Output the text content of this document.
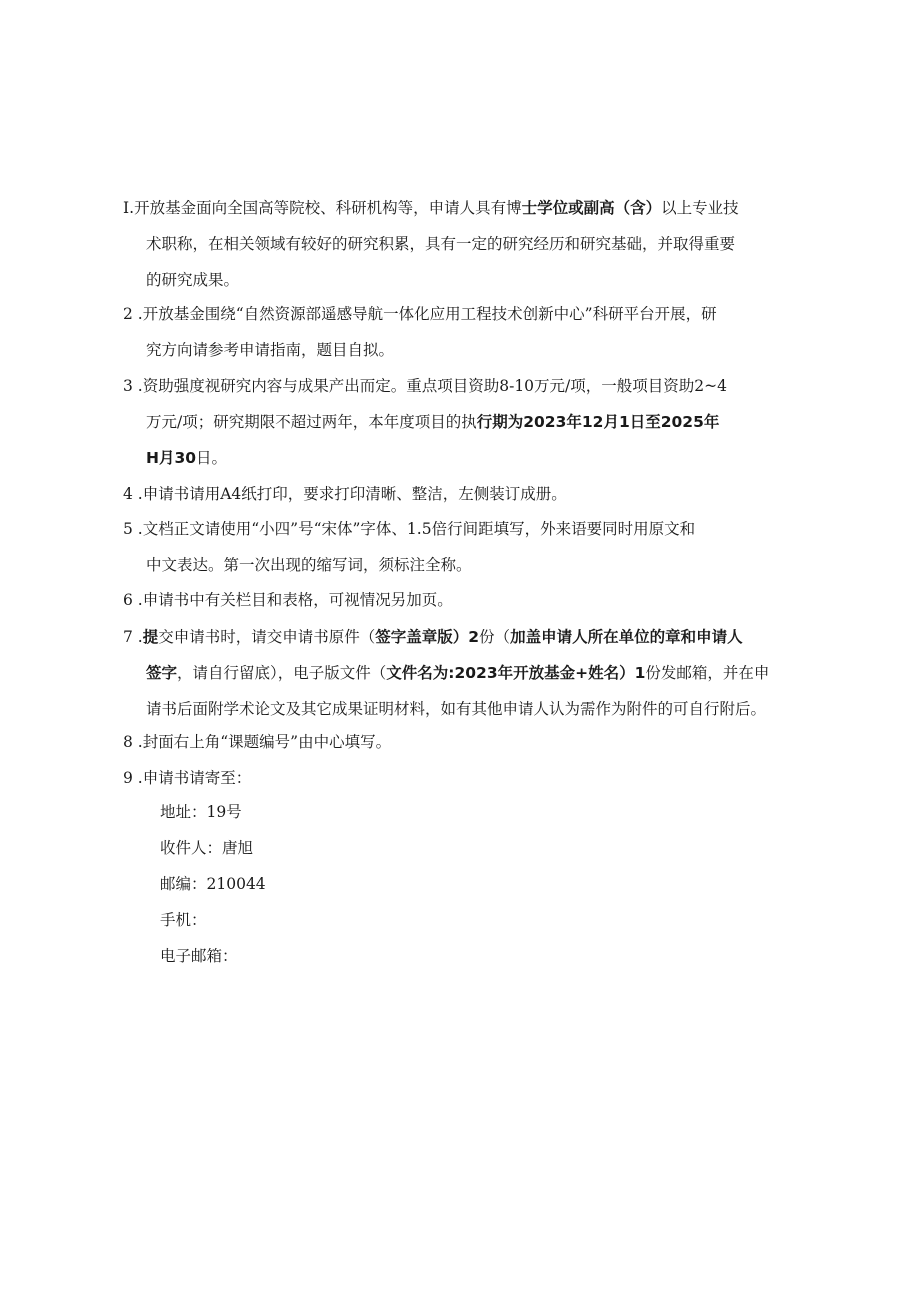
I.开放基金面向全国高等院校、科研机构等，申请人具有博士学位或副高（含）以上专业技
术职称，在相关领域有较好的研究积累，具有一定的研究经历和研究基础，并取得重要
的研究成果。
2 .开放基金围绕“自然资源部遥感导航一体化应用工程技术创新中心”科研平台开展，研
究方向请参考申请指南，题目自拟。
3 .资助强度视研究内容与成果产出而定。重点项目资助8-10万元/项，一般项目资助2~4
万元/项；研究期限不超过两年，本年度项目的执行期为2023年12月1日至2025年
H月30日。
4 .申请书请用A4纸打印，要求打印清晰、整洁，左侧装订成册。
5 .文档正文请使用“小四”号“宋体”字体、1.5倍行间距填写，外来语要同时用原文和
中文表达。第一次出现的缩写词，须标注全称。
6 .申请书中有关栏目和表格，可视情况另加页。
7 .提交申请书时，请交申请书原件（签字盖章版）2份（加盖申请人所在单位的章和申请人
签字，请自行留底），电子版文件（文件名为:2023年开放基金+姓名）1份发邮箱，并在申
请书后面附学术论文及其它成果证明材料，如有其他申请人认为需作为附件的可自行附后。
8 .封面右上角“课题编号”由中心填写。
9 .申请书请寄至：
地址：19号
收件人：唐旭
邮编：210044
手机：
电子邮箱：
